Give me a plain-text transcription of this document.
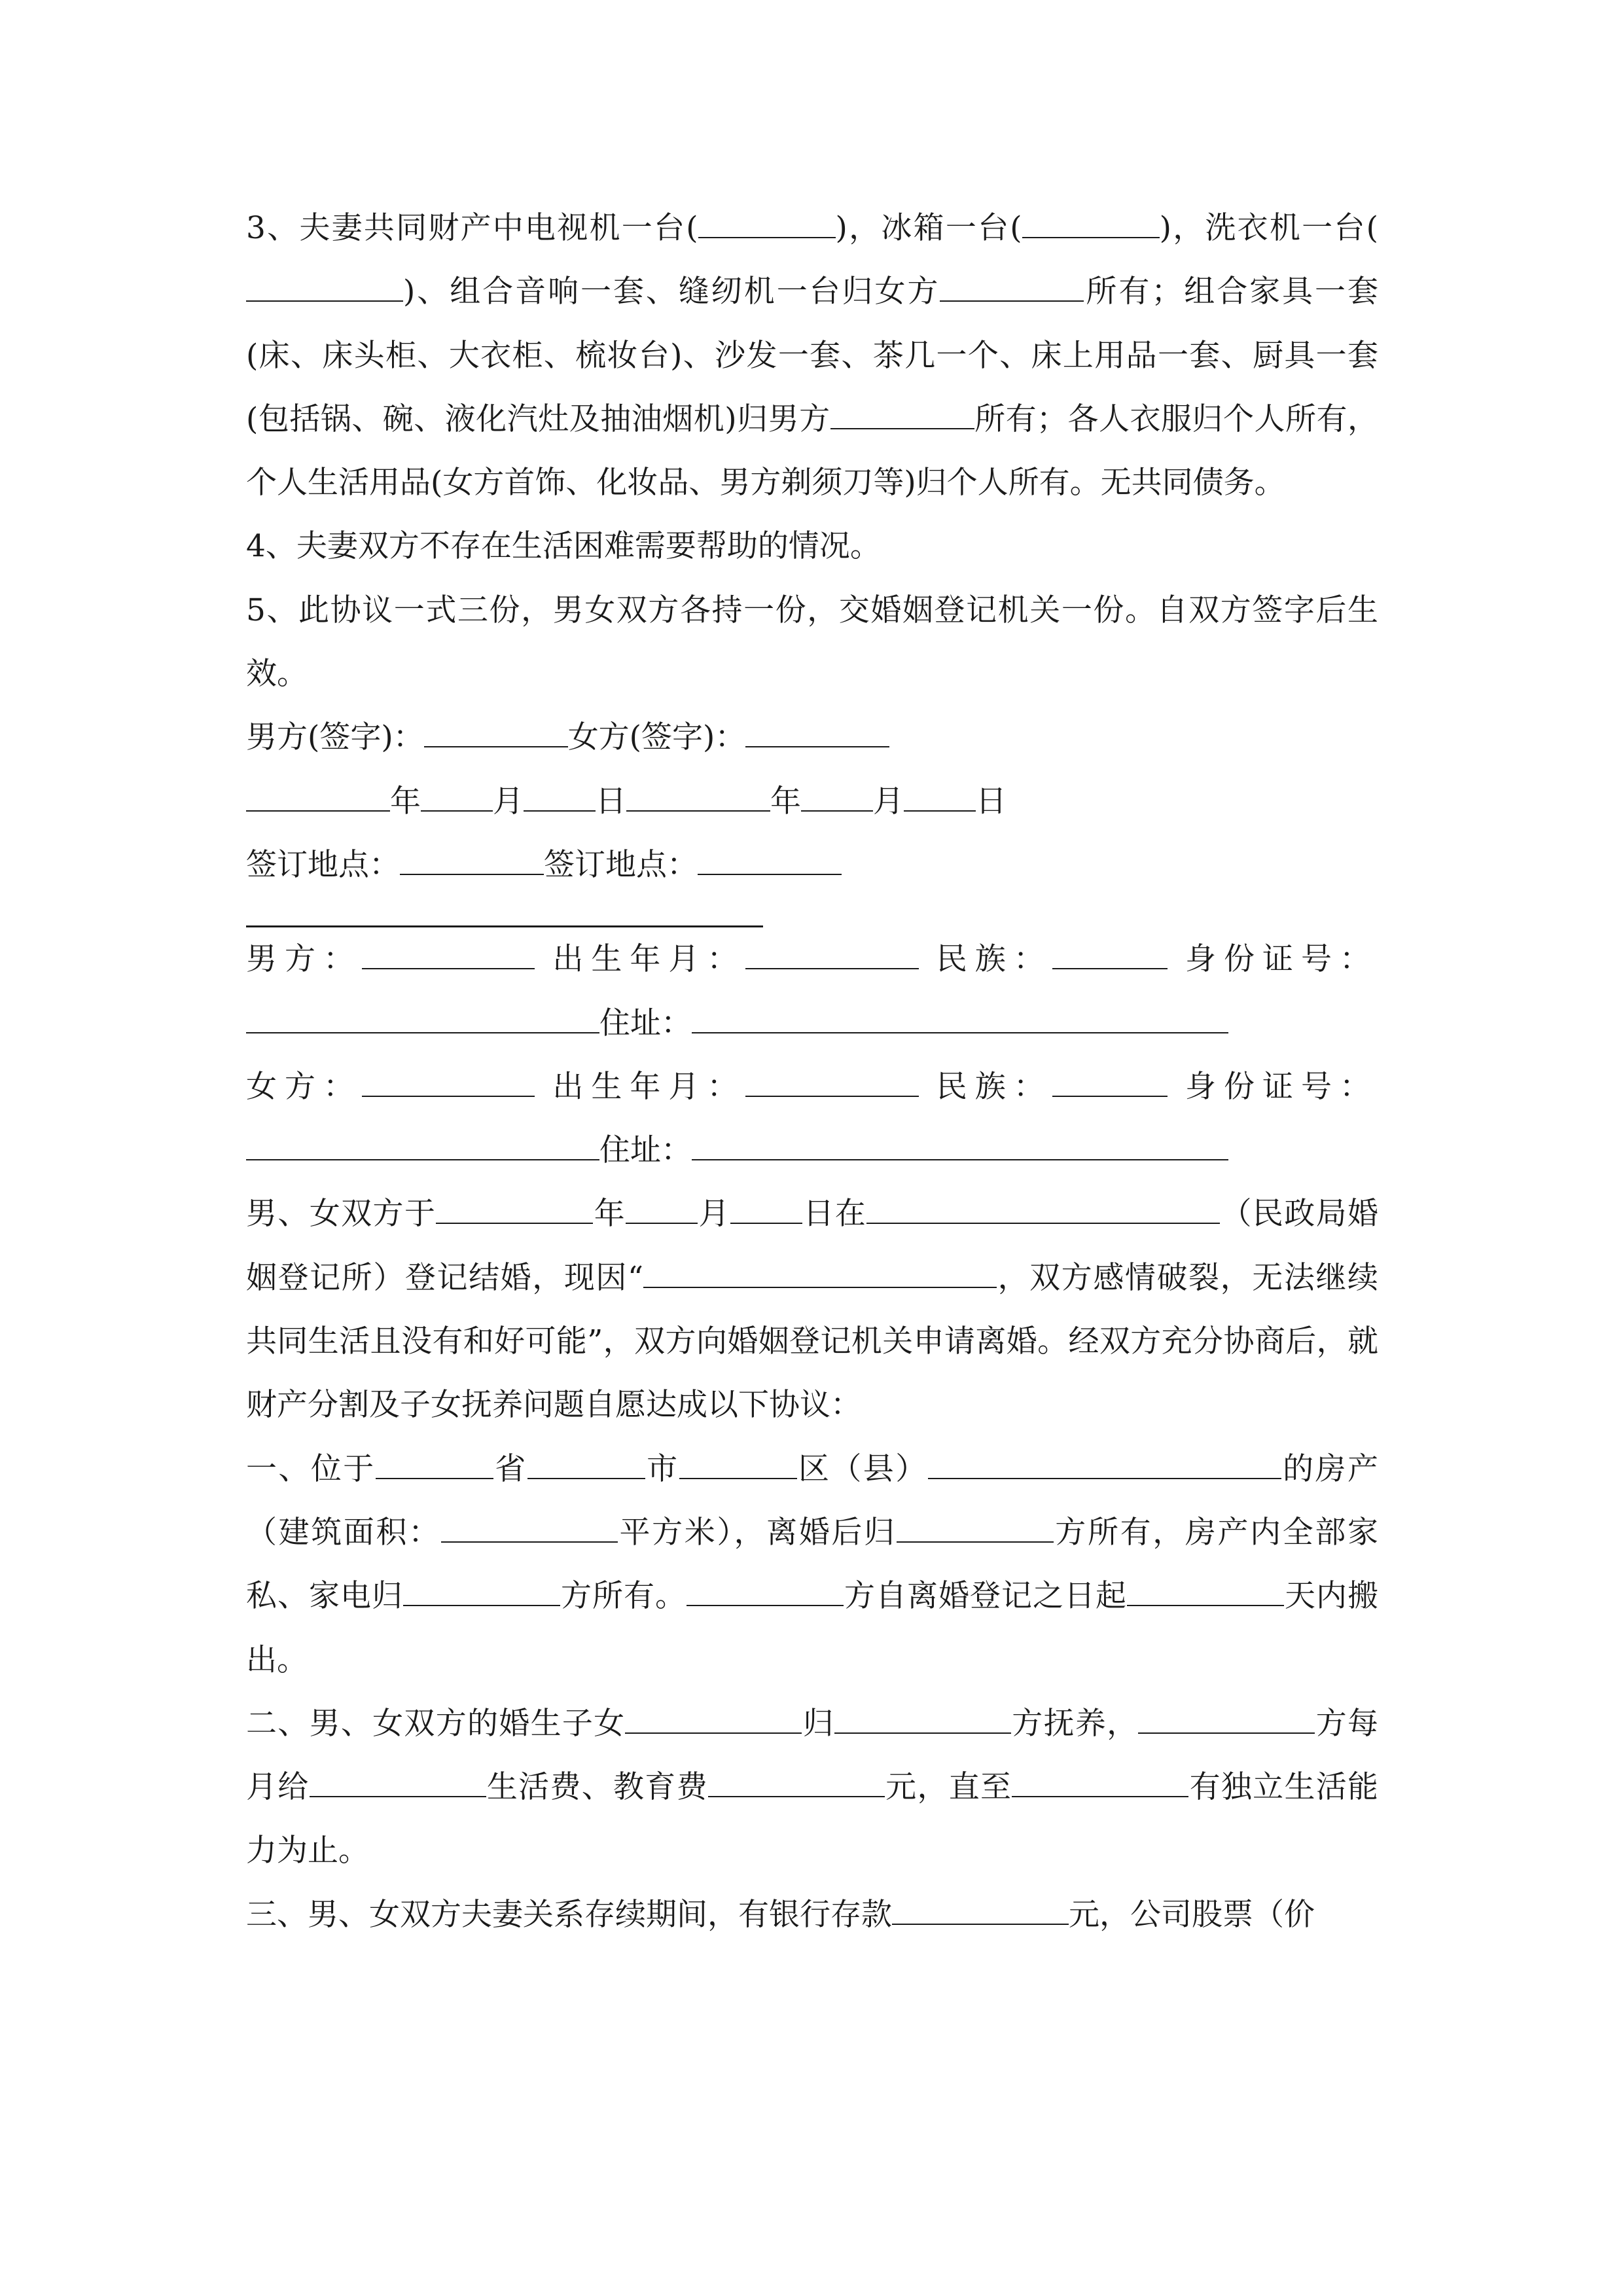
3、夫妻共同财产中电视机一台(	)，冰箱一台(	)，洗衣机一台()、组合音响一套、缝纫机一台归女方	所有；组合家具一套(床、床头柜、大衣柜、梳妆台)、沙发一套、茶几一个、床上用品一套、厨具一套(包括锅、碗、液化汽灶及抽油烟机)归男方	所有；各人衣服归个人所有，个人生活用品(女方首饰、化妆品、男方剃须刀等)归个人所有。无共同债务。

4、夫妻双方不存在生活困难需要帮助的情况。

5、此协议一式三份，男女双方各持一份，交婚姻登记机关一份。自双方签字后生效。

男方(签字)：	女方(签字)：
年 月 日	年 月 日
签订地点：	签订地点：
男方：
	出生年月：
	民族：
	身份证号：
住址：
女方：
	出生年月：
	民族：
	身份证号：
住址：

男、女双方于	年 月 日在	（民政局婚姻登记所）登记结婚，现因“	，双方感情破裂，无法继续共同生活且没有和好可能”，双方向婚姻登记机关申请离婚。经双方充分协商后，就财产分割及子女抚养问题自愿达成以下协议：

一、位于	省	市	区（县）	的房产（建筑面积：	平方米），离婚后归	方所有，房产内全部家私、家电归	方所有。	方自离婚登记之日起	天内搬出。

二、男、女双方的婚生子女	归	方抚养，	方每月给	生活费、教育费	元，直至	有独立生活能力为止。

三、男、女双方夫妻关系存续期间，有银行存款	元，公司股票（价
